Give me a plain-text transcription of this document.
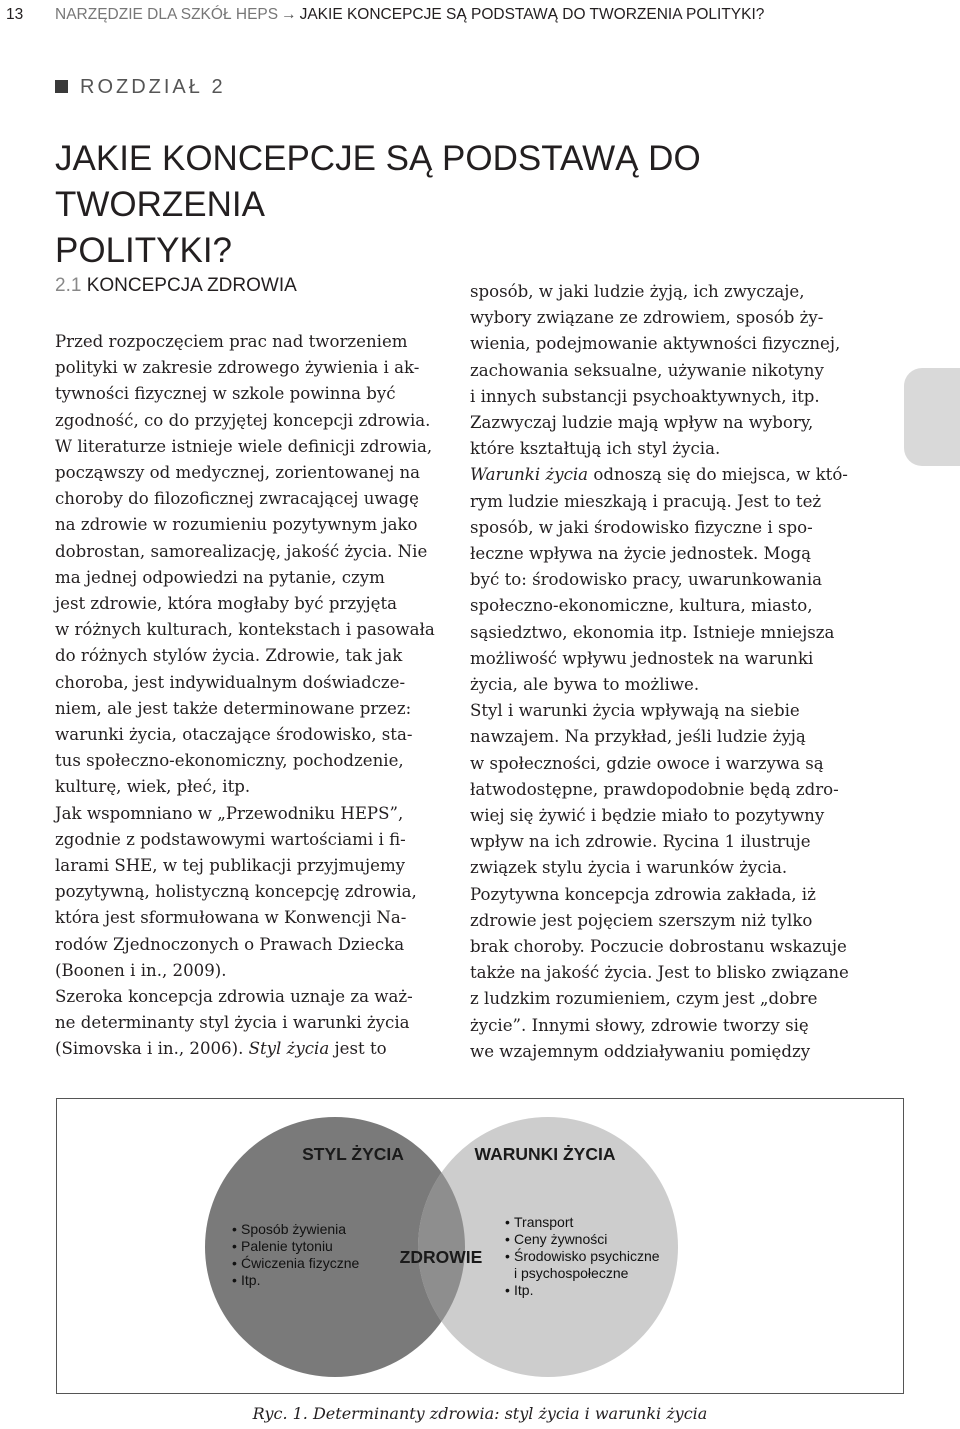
13 NARZĘDZIE DLA SZKÓŁ HEPS → JAKIE KONCEPCJE SĄ PODSTAWĄ DO TWORZENIA POLITYKI?
ROZDZIAŁ 2
JAKIE KONCEPCJE SĄ PODSTAWĄ DO TWORZENIA
POLITYKI?
2.1 KONCEPCJA ZDROWIA
Przed rozpoczęciem prac nad tworzeniem
polityki w zakresie zdrowego żywienia i ak-
tywności fizycznej w szkole powinna być
zgodność, co do przyjętej koncepcji zdrowia.
W literaturze istnieje wiele definicji zdrowia,
począwszy od medycznej, zorientowanej na
choroby do filozoficznej zwracającej uwagę
na zdrowie w rozumieniu pozytywnym jako
dobrostan, samorealizację, jakość życia. Nie
ma jednej odpowiedzi na pytanie, czym
jest zdrowie, która mogłaby być przyjęta
w różnych kulturach, kontekstach i pasowała
do różnych stylów życia. Zdrowie, tak jak
choroba, jest indywidualnym doświadcze-
niem, ale jest także determinowane przez:
warunki życia, otaczające środowisko, sta-
tus społeczno-ekonomiczny, pochodzenie,
kulturę, wiek, płeć, itp.
Jak wspomniano w „Przewodniku HEPS”,
zgodnie z podstawowymi wartościami i fi-
larami SHE, w tej publikacji przyjmujemy
pozytywną, holistyczną koncepcję zdrowia,
która jest sformułowana w Konwencji Na-
rodów Zjednoczonych o Prawach Dziecka
(Boonen i in., 2009).
Szeroka koncepcja zdrowia uznaje za waż-
ne determinanty styl życia i warunki życia
(Simovska i in., 2006). Styl życia jest to
sposób, w jaki ludzie żyją, ich zwyczaje,
wybory związane ze zdrowiem, sposób ży-
wienia, podejmowanie aktywności fizycznej,
zachowania seksualne, używanie nikotyny
i innych substancji psychoaktywnych, itp.
Zazwyczaj ludzie mają wpływ na wybory,
które kształtują ich styl życia.
Warunki życia odnoszą się do miejsca, w któ-
rym ludzie mieszkają i pracują. Jest to też
sposób, w jaki środowisko fizyczne i spo-
łeczne wpływa na życie jednostek. Mogą
być to: środowisko pracy, uwarunkowania
społeczno-ekonomiczne, kultura, miasto,
sąsiedztwo, ekonomia itp. Istnieje mniejsza
możliwość wpływu jednostek na warunki
życia, ale bywa to możliwe.
Styl i warunki życia wpływają na siebie
nawzajem. Na przykład, jeśli ludzie żyją
w społeczności, gdzie owoce i warzywa są
łatwodostępne, prawdopodobnie będą zdro-
wiej się żywić i będzie miało to pozytywny
wpływ na ich zdrowie. Rycina 1 ilustruje
związek stylu życia i warunków życia.
Pozytywna koncepcja zdrowia zakłada, iż
zdrowie jest pojęciem szerszym niż tylko
brak choroby. Poczucie dobrostanu wskazuje
także na jakość życia. Jest to blisko związane
z ludzkim rozumieniem, czym jest „dobre
życie”. Innymi słowy, zdrowie tworzy się
we wzajemnym oddziaływaniu pomiędzy
STYL ŻYCIA	WARUNKI ŻYCIA
ZDROWIE
• Sposób żywienia
• Palenie tytoniu
• Ćwiczenia fizyczne
• Itp.
• Transport
• Ceny żywności
• Środowisko psychiczne
i psychospołeczne
• Itp.
Ryc. 1. Determinanty zdrowia: styl życia i warunki życia
